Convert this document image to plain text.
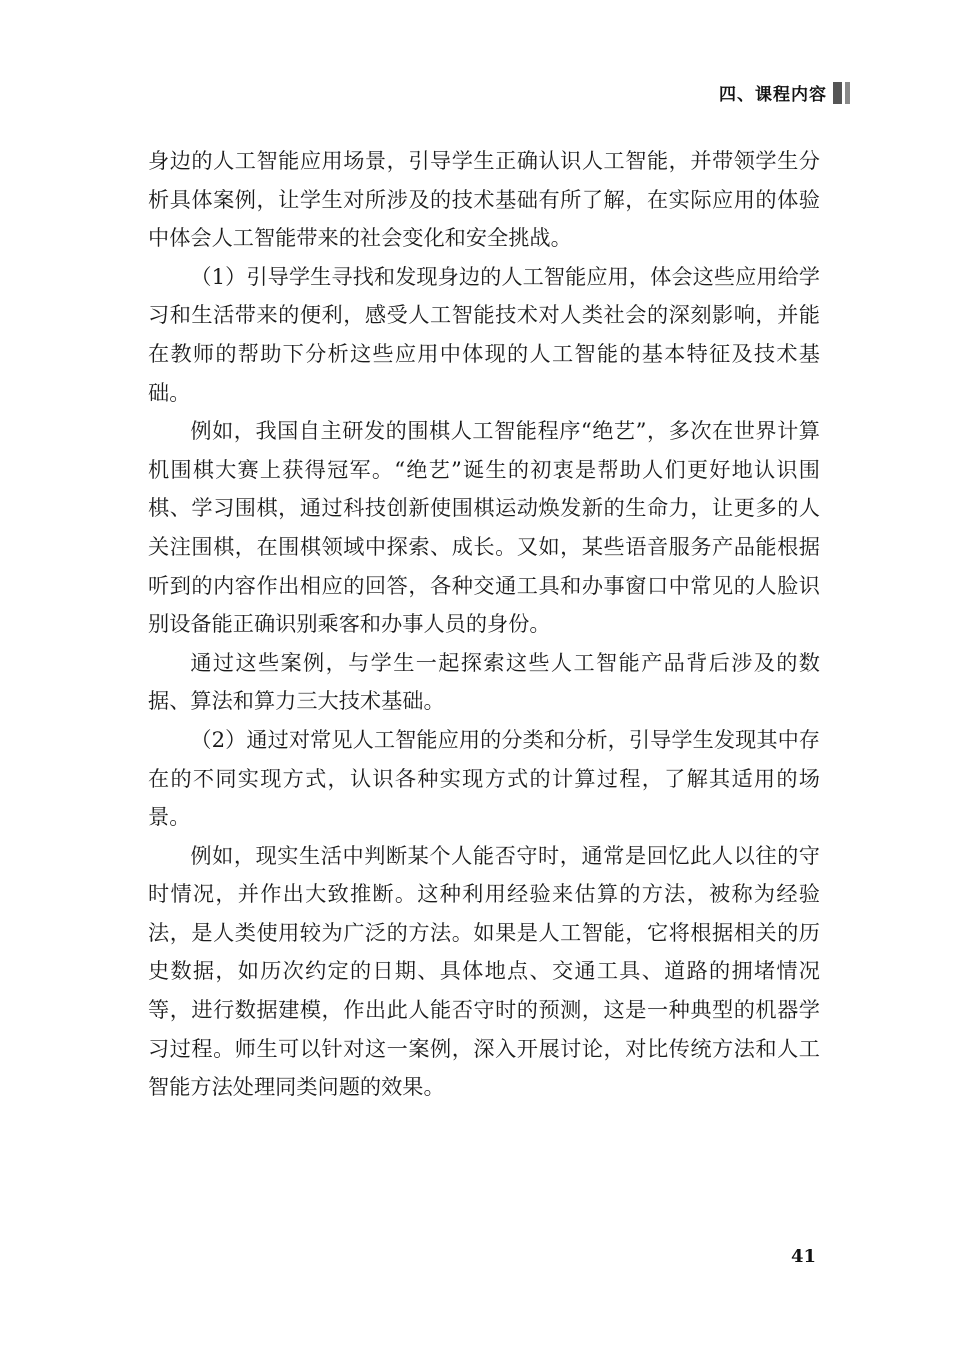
四、课程内容

身边的人工智能应用场景，引导学生正确认识人工智能，并带领学生分析具体案例，让学生对所涉及的技术基础有所了解，在实际应用的体验中体会人工智能带来的社会变化和安全挑战。

（1）引导学生寻找和发现身边的人工智能应用，体会这些应用给学习和生活带来的便利，感受人工智能技术对人类社会的深刻影响，并能在教师的帮助下分析这些应用中体现的人工智能的基本特征及技术基础。

例如，我国自主研发的围棋人工智能程序“绝艺”，多次在世界计算机围棋大赛上获得冠军。“绝艺”诞生的初衷是帮助人们更好地认识围棋、学习围棋，通过科技创新使围棋运动焕发新的生命力，让更多的人关注围棋，在围棋领域中探索、成长。又如，某些语音服务产品能根据听到的内容作出相应的回答，各种交通工具和办事窗口中常见的人脸识别设备能正确识别乘客和办事人员的身份。

通过这些案例，与学生一起探索这些人工智能产品背后涉及的数据、算法和算力三大技术基础。

（2）通过对常见人工智能应用的分类和分析，引导学生发现其中存在的不同实现方式，认识各种实现方式的计算过程，了解其适用的场景。

例如，现实生活中判断某个人能否守时，通常是回忆此人以往的守时情况，并作出大致推断。这种利用经验来估算的方法，被称为经验法，是人类使用较为广泛的方法。如果是人工智能，它将根据相关的历史数据，如历次约定的日期、具体地点、交通工具、道路的拥堵情况等，进行数据建模，作出此人能否守时的预测，这是一种典型的机器学习过程。师生可以针对这一案例，深入开展讨论，对比传统方法和人工智能方法处理同类问题的效果。

41
